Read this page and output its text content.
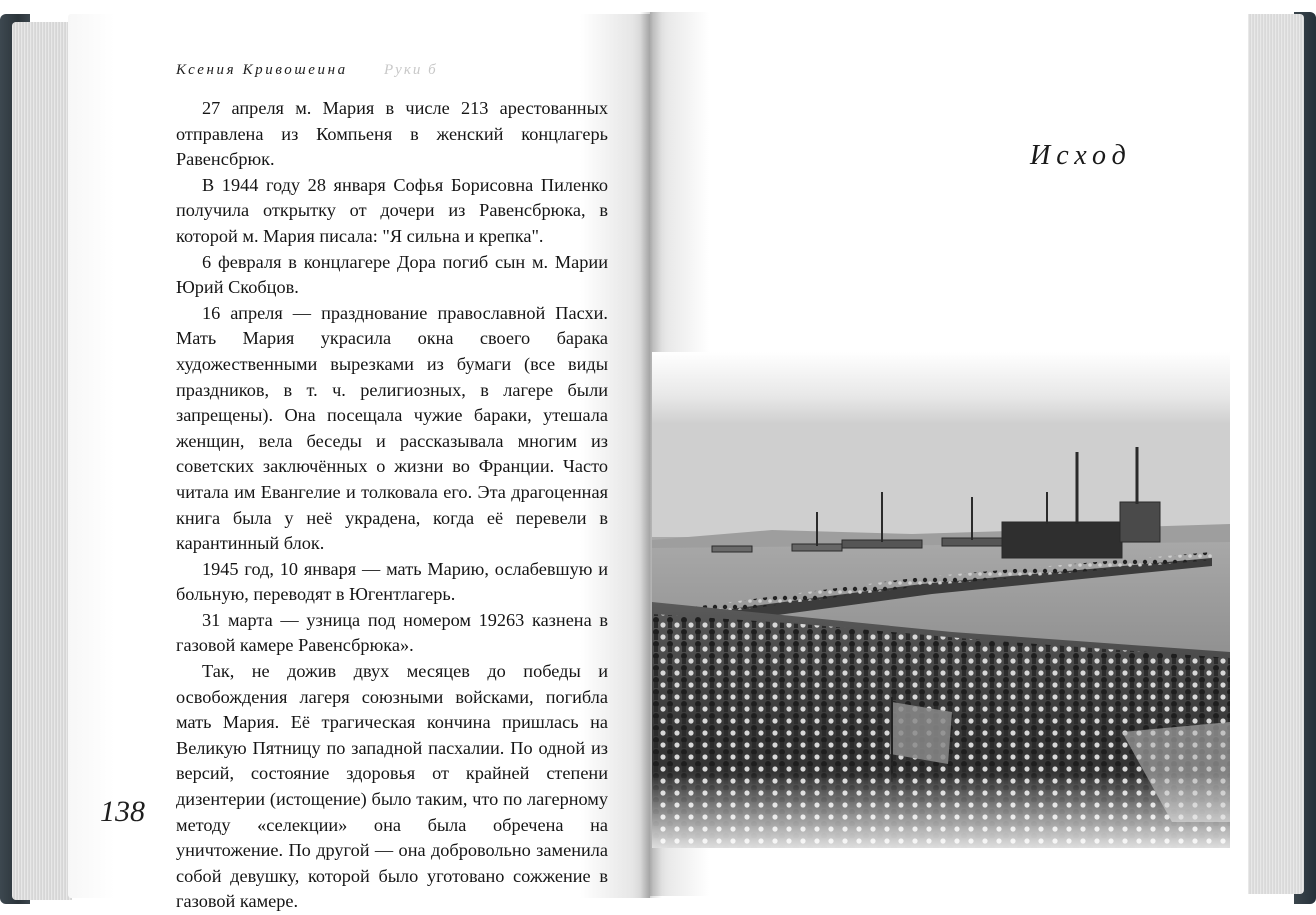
Ксения Кривошеина Руки б

27 апреля м. Мария в числе 213 арестованных отправлена из Компьеня в женский концлагерь Равенсбрюк.

В 1944 году 28 января Софья Борисовна Пиленко получила открытку от дочери из Равенсбрюка, в которой м. Мария писала: "Я сильна и крепка".

6 февраля в концлагере Дора погиб сын м. Марии Юрий Скобцов.

16 апреля — празднование православной Пасхи. Мать Мария украсила окна своего барака художественными вырезками из бумаги (все виды праздников, в т. ч. религиозных, в лагере были запрещены). Она посещала чужие бараки, утешала женщин, вела беседы и рассказывала многим из советских заключённых о жизни во Франции. Часто читала им Евангелие и толковала его. Эта драгоценная книга была у неё украдена, когда её перевели в карантинный блок.

1945 год, 10 января — мать Марию, ослабевшую и больную, переводят в Югентлагерь.

31 марта — узница под номером 19263 казнена в газовой камере Равенсбрюка».

Так, не дожив двух месяцев до победы и освобождения лагеря союзными войсками, погибла мать Мария. Её трагическая кончина пришлась на Великую Пятницу по западной пасхалии. По одной из версий, состояние здоровья от крайней степени дизентерии (истощение) было таким, что по лагерному методу «селекции» она была обречена на уничтожение. По другой — она добровольно заменила собой девушку, которой было уготовано сожжение в газовой камере.

138
Исход
